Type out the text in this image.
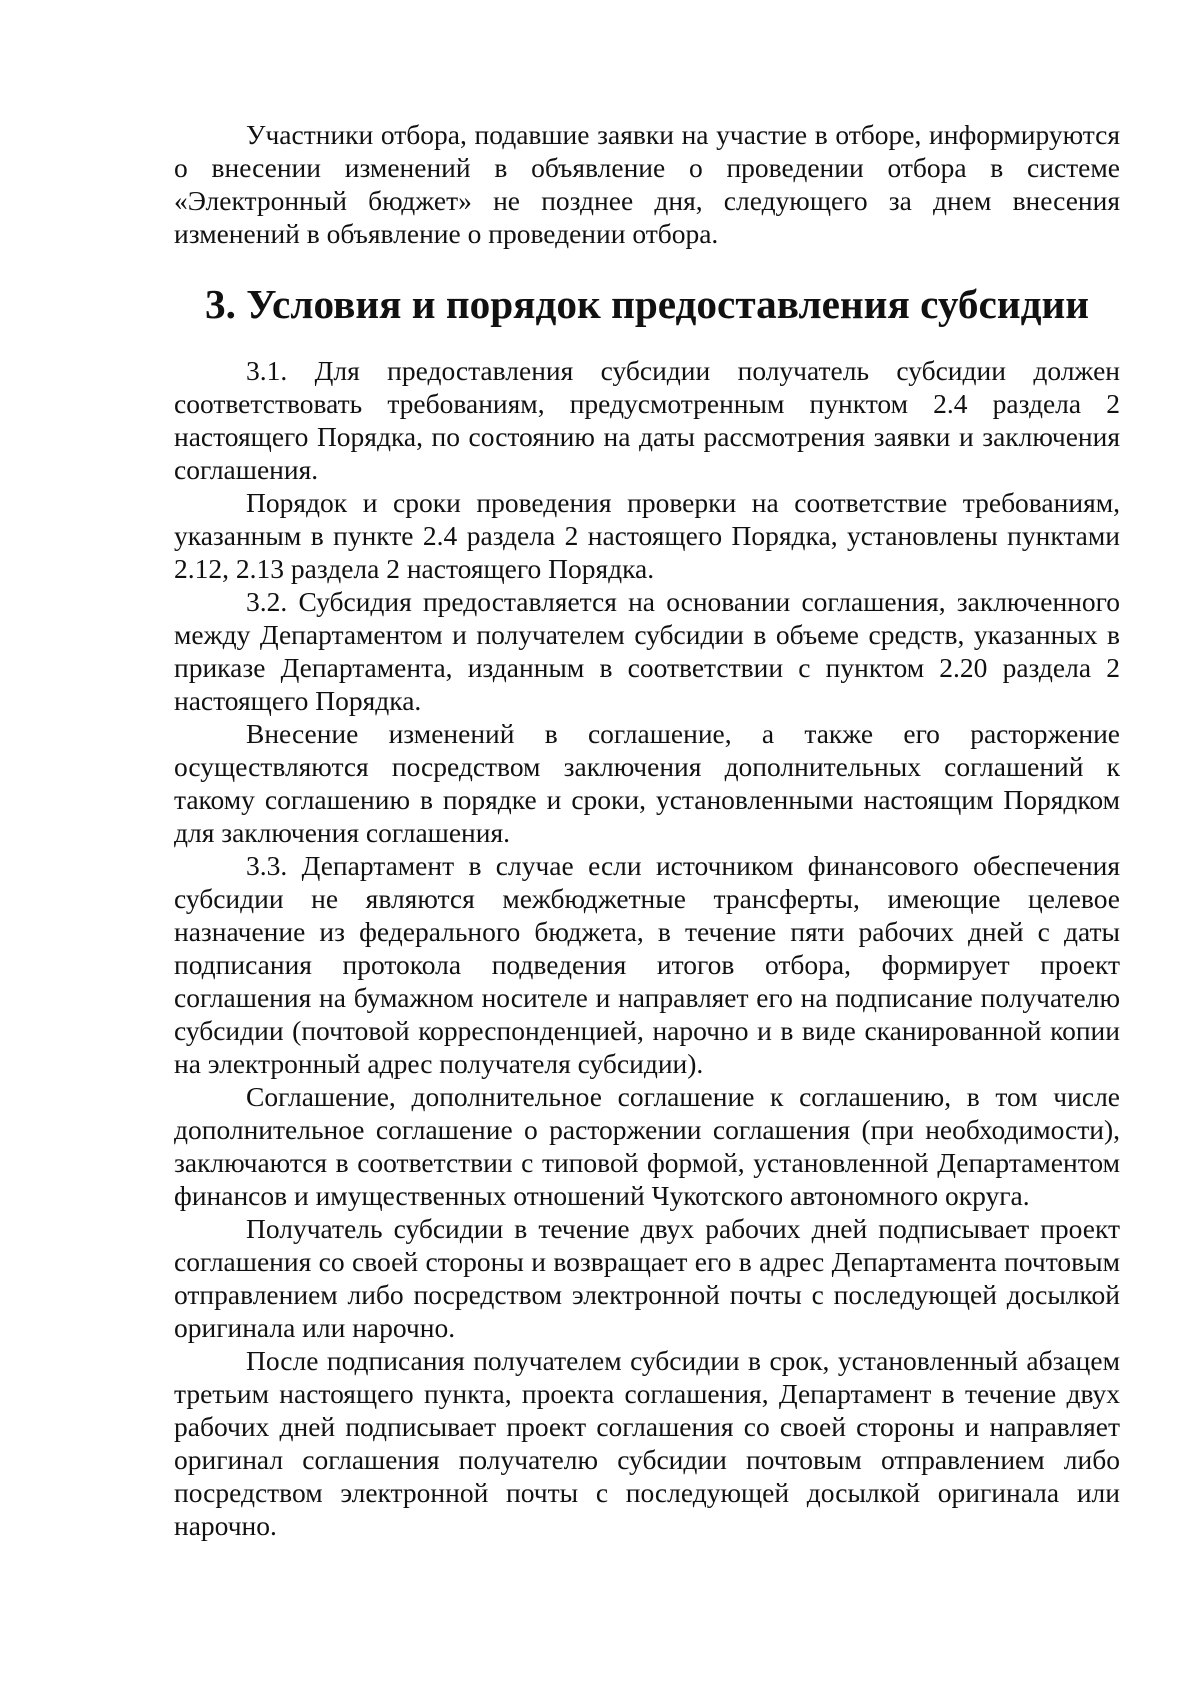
Участники отбора, подавшие заявки на участие в отборе, информируются о внесении изменений в объявление о проведении отбора в системе «Электронный бюджет» не позднее дня, следующего за днем внесения изменений в объявление о проведении отбора.

3. Условия и порядок предоставления субсидии

3.1. Для предоставления субсидии получатель субсидии должен соответствовать требованиям, предусмотренным пунктом 2.4 раздела 2 настоящего Порядка, по состоянию на даты рассмотрения заявки и заключения соглашения.

Порядок и сроки проведения проверки на соответствие требованиям, указанным в пункте 2.4 раздела 2 настоящего Порядка, установлены пунктами 2.12, 2.13 раздела 2 настоящего Порядка.

3.2. Субсидия предоставляется на основании соглашения, заключенного между Департаментом и получателем субсидии в объеме средств, указанных в приказе Департамента, изданным в соответствии с пунктом 2.20 раздела 2 настоящего Порядка.

Внесение изменений в соглашение, а также его расторжение осуществляются посредством заключения дополнительных соглашений к такому соглашению в порядке и сроки, установленными настоящим Порядком для заключения соглашения.

3.3. Департамент в случае если источником финансового обеспечения субсидии не являются межбюджетные трансферты, имеющие целевое назначение из федерального бюджета, в течение пяти рабочих дней с даты подписания протокола подведения итогов отбора, формирует проект соглашения на бумажном носителе и направляет его на подписание получателю субсидии (почтовой корреспонденцией, нарочно и в виде сканированной копии на электронный адрес получателя субсидии).

Соглашение, дополнительное соглашение к соглашению, в том числе дополнительное соглашение о расторжении соглашения (при необходимости), заключаются в соответствии с типовой формой, установленной Департаментом финансов и имущественных отношений Чукотского автономного округа.

Получатель субсидии в течение двух рабочих дней подписывает проект соглашения со своей стороны и возвращает его в адрес Департамента почтовым отправлением либо посредством электронной почты с последующей досылкой оригинала или нарочно.

После подписания получателем субсидии в срок, установленный абзацем третьим настоящего пункта, проекта соглашения, Департамент в течение двух рабочих дней подписывает проект соглашения со своей стороны и направляет оригинал соглашения получателю субсидии почтовым отправлением либо посредством электронной почты с последующей досылкой оригинала или нарочно.
